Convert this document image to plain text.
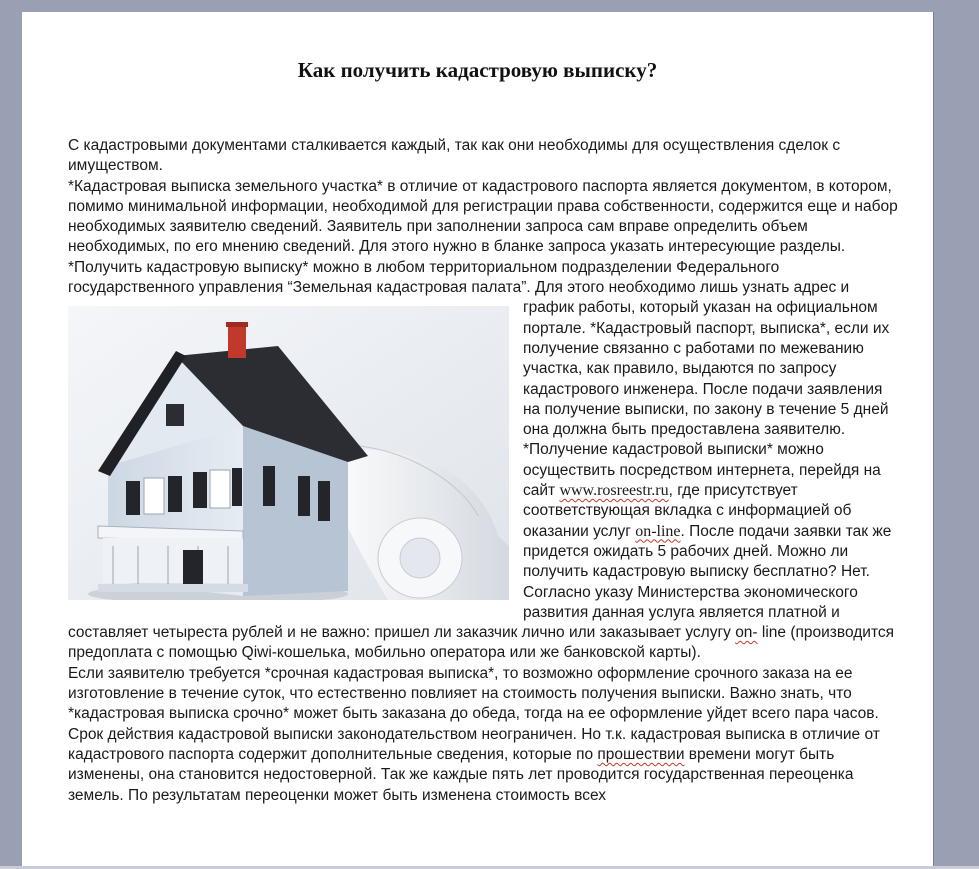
Как получить кадастровую выписку?

С кадастровыми документами сталкивается каждый, так как они необходимы для осуществления сделок с имуществом.

*Кадастровая выписка земельного участка* в отличие от кадастрового паспорта является документом, в котором, помимо минимальной информации, необходимой для регистрации права собственности, содержится еще и набор необходимых заявителю сведений. Заявитель при заполнении запроса сам вправе определить объем необходимых, по его мнению сведений. Для этого нужно в бланке запроса указать интересующие разделы.

*Получить кадастровую выписку* можно в любом территориальном подразделении Федерального государственного управления “Земельная кадастровая палата”. Для этого необходимо лишь узнать
адрес и график работы, который указан на официальном портале. *Кадастровый паспорт, выписка*, если их получение связанно с работами по межеванию участка, как правило, выдаются по запросу кадастрового инженера. После подачи заявления на получение выписки, по закону в течение 5 дней она должна быть предоставлена заявителю. *Получение кадастровой выписки* можно осуществить посредством интернета, перейдя на сайт www.rosreestr.ru, где присутствует соответствующая вкладка с информацией об оказании услуг on-line. После подачи заявки так же придется ожидать 5 рабочих дней. Можно ли получить кадастровую выписку бесплатно? Нет. Согласно указу Министерства экономического развития данная услуга является платной и составляет четыреста рублей и не важно: пришел ли заказчик лично или заказывает услугу on- line (производится предоплата с помощью Qiwi-кошелька, мобильно оператора или же банковской карты).

Если заявителю требуется *срочная кадастровая выписка*, то возможно оформление срочного заказа на ее изготовление в течение суток, что естественно повлияет на стоимость получения выписки. Важно знать, что *кадастровая выписка срочно* может быть заказана до обеда, тогда на ее оформление уйдет всего пара часов.

Срок действия кадастровой выписки законодательством неограничен. Но т.к. кадастровая выписка в отличие от кадастрового паспорта содержит дополнительные сведения, которые по прошествии времени могут быть изменены, она становится недостоверной. Так же каждые пять лет проводится государственная переоценка земель. По результатам переоценки может быть изменена стоимость всех
